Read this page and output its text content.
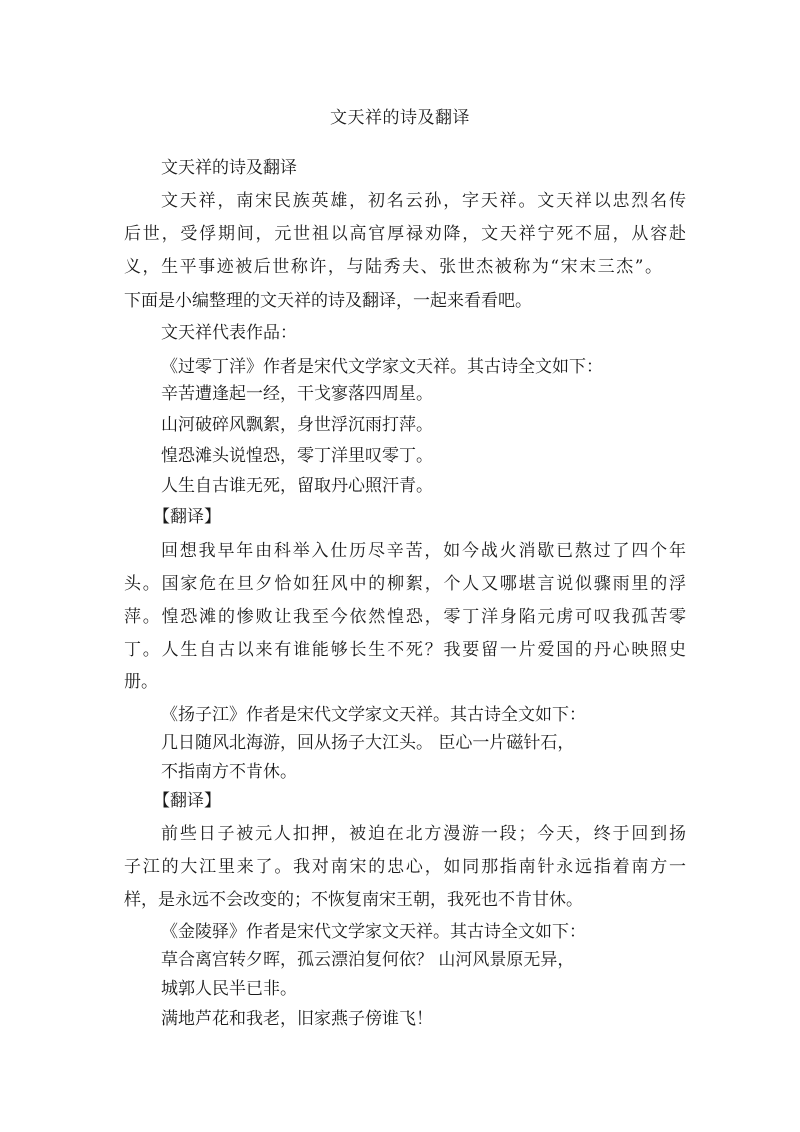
文天祥的诗及翻译
文天祥的诗及翻译
文天祥，南宋民族英雄，初名云孙，字天祥。文天祥以忠烈名传
后世，受俘期间，元世祖以高官厚禄劝降，文天祥宁死不屈，从容赴
义，生平事迹被后世称许，与陆秀夫、张世杰被称为“宋末三杰”。
下面是小编整理的文天祥的诗及翻译，一起来看看吧。
文天祥代表作品：
《过零丁洋》作者是宋代文学家文天祥。其古诗全文如下：
辛苦遭逢起一经，干戈寥落四周星。
山河破碎风飘絮，身世浮沉雨打萍。
惶恐滩头说惶恐，零丁洋里叹零丁。
人生自古谁无死，留取丹心照汗青。
【翻译】
回想我早年由科举入仕历尽辛苦，如今战火消歇已熬过了四个年
头。国家危在旦夕恰如狂风中的柳絮，个人又哪堪言说似骤雨里的浮
萍。惶恐滩的惨败让我至今依然惶恐，零丁洋身陷元虏可叹我孤苦零
丁。人生自古以来有谁能够长生不死？我要留一片爱国的丹心映照史
册。
《扬子江》作者是宋代文学家文天祥。其古诗全文如下：
几日随风北海游，回从扬子大江头。 臣心一片磁针石，
不指南方不肯休。
【翻译】
前些日子被元人扣押，被迫在北方漫游一段；今天，终于回到扬
子江的大江里来了。我对南宋的忠心，如同那指南针永远指着南方一
样，是永远不会改变的；不恢复南宋王朝，我死也不肯甘休。
《金陵驿》作者是宋代文学家文天祥。其古诗全文如下：
草合离宫转夕晖，孤云漂泊复何依？ 山河风景原无异，
城郭人民半已非。
满地芦花和我老，旧家燕子傍谁飞！
